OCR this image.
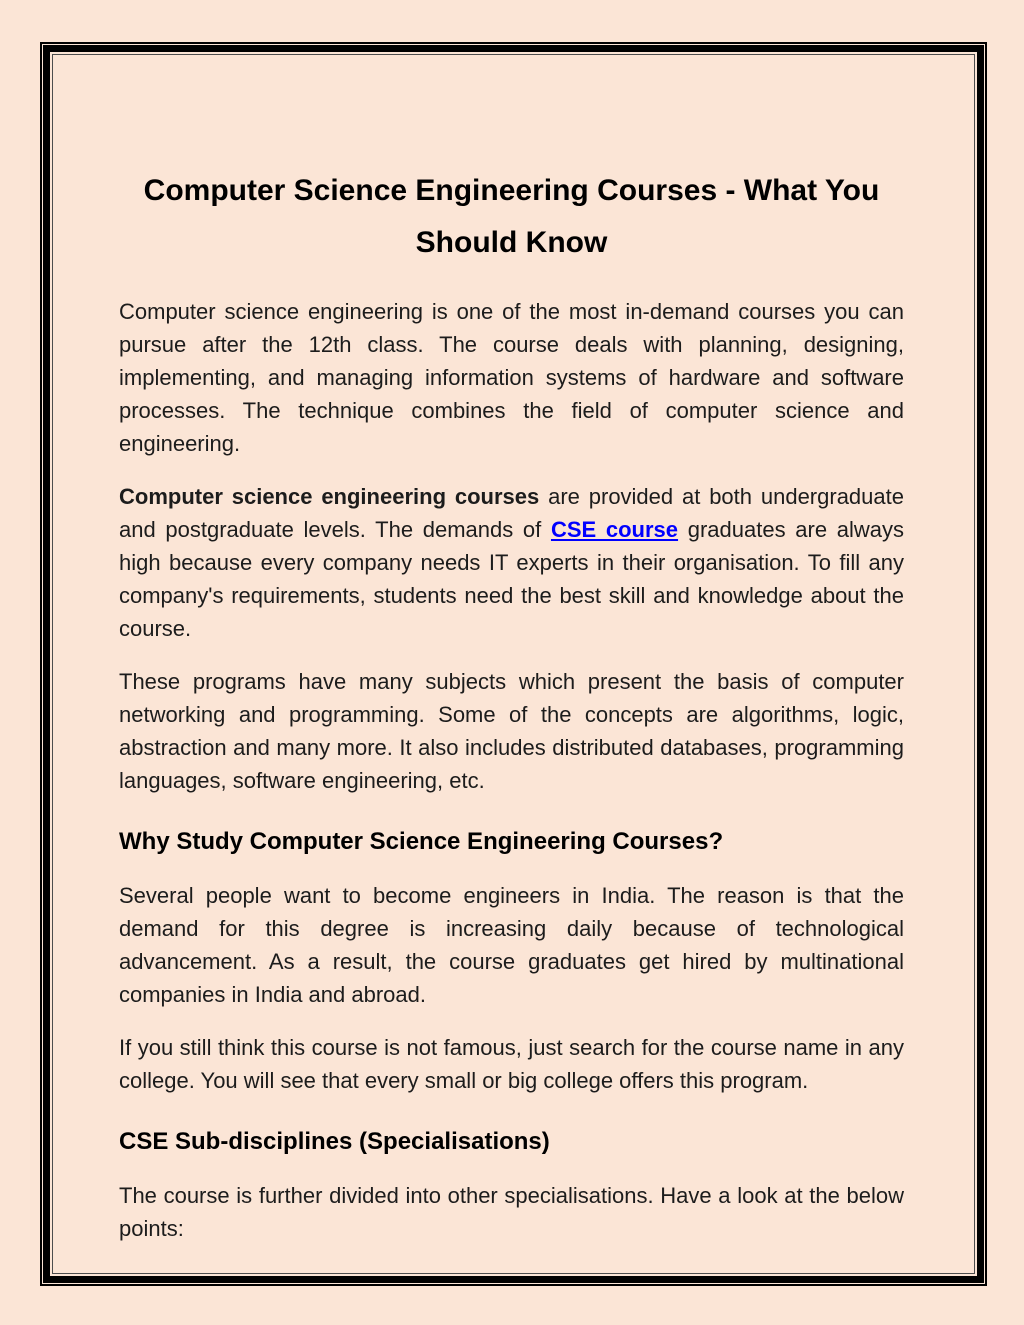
Computer Science Engineering Courses - What You Should Know

Computer science engineering is one of the most in-demand courses you can pursue after the 12th class. The course deals with planning, designing, implementing, and managing information systems of hardware and software processes. The technique combines the field of computer science and engineering.

Computer science engineering courses are provided at both undergraduate and postgraduate levels. The demands of CSE course graduates are always high because every company needs IT experts in their organisation. To fill any company's requirements, students need the best skill and knowledge about the course.

These programs have many subjects which present the basis of computer networking and programming. Some of the concepts are algorithms, logic, abstraction and many more. It also includes distributed databases, programming languages, software engineering, etc.

Why Study Computer Science Engineering Courses?

Several people want to become engineers in India. The reason is that the demand for this degree is increasing daily because of technological advancement. As a result, the course graduates get hired by multinational companies in India and abroad.

If you still think this course is not famous, just search for the course name in any college. You will see that every small or big college offers this program.

CSE Sub-disciplines (Specialisations)

The course is further divided into other specialisations. Have a look at the below points:
